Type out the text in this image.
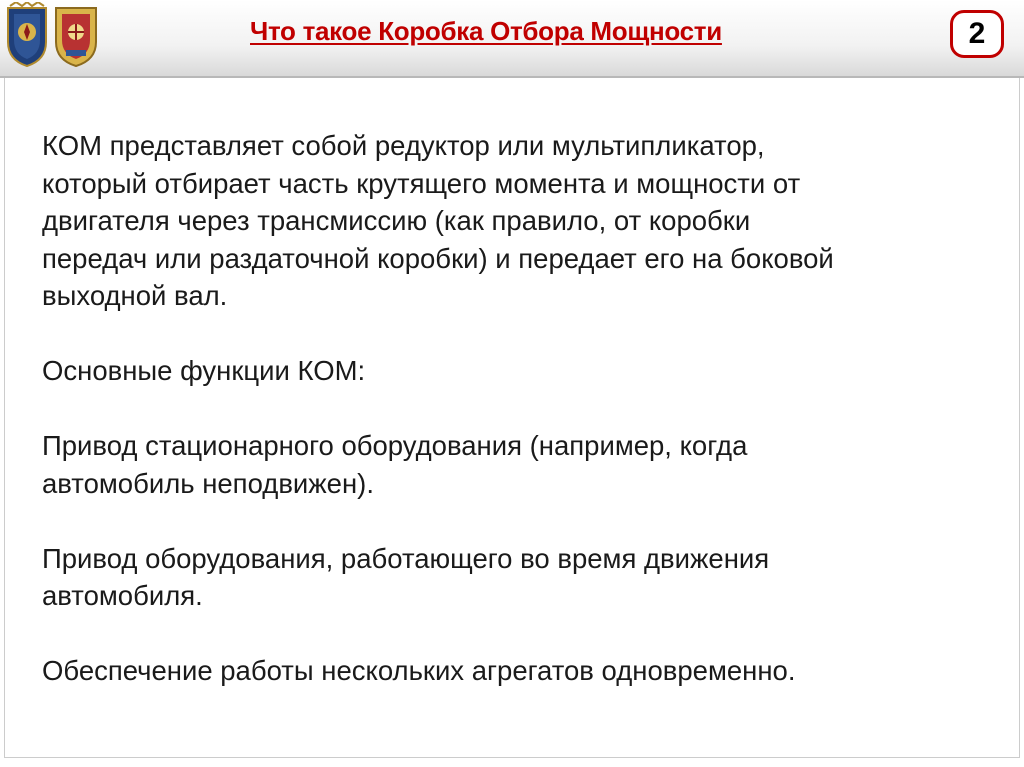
Что такое Коробка Отбора Мощности	2

КОМ представляет собой редуктор или мультипликатор,
который отбирает часть крутящего момента и мощности от
двигателя через трансмиссию (как правило, от коробки
передач или раздаточной коробки) и передает его на боковой
выходной вал.

Основные функции КОМ:

Привод стационарного оборудования (например, когда
автомобиль неподвижен).

Привод оборудования, работающего во время движения
автомобиля.

Обеспечение работы нескольких агрегатов одновременно.
